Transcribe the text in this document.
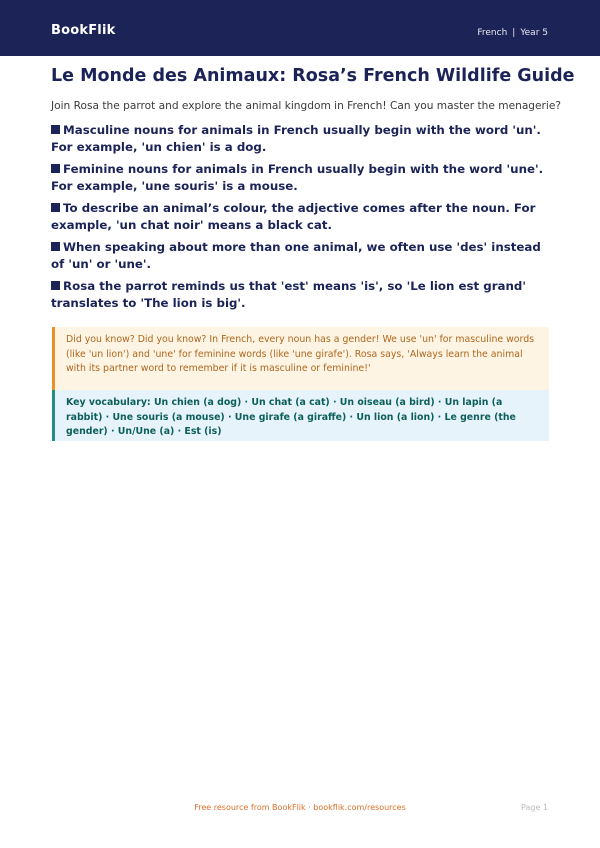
BookFlik	French | Year 5
Le Monde des Animaux: Rosa’s French Wildlife Guide
Join Rosa the parrot and explore the animal kingdom in French! Can you master the menagerie?
Masculine nouns for animals in French usually begin with the word 'un'. For example, 'un chien' is a dog.
Feminine nouns for animals in French usually begin with the word 'une'. For example, 'une souris' is a mouse.
To describe an animal’s colour, the adjective comes after the noun. For example, 'un chat noir' means a black cat.
When speaking about more than one animal, we often use 'des' instead of 'un' or 'une'.
Rosa the parrot reminds us that 'est' means 'is', so 'Le lion est grand' translates to 'The lion is big'.
Did you know? Did you know? In French, every noun has a gender! We use 'un' for masculine words (like 'un lion') and 'une' for feminine words (like 'une girafe'). Rosa says, 'Always learn the animal with its partner word to remember if it is masculine or feminine!'
Key vocabulary: Un chien (a dog) · Un chat (a cat) · Un oiseau (a bird) · Un lapin (a rabbit) · Une souris (a mouse) · Une girafe (a giraffe) · Un lion (a lion) · Le genre (the gender) · Un/Une (a) · Est (is)
Free resource from BookFlik · bookflik.com/resources	Page 1
